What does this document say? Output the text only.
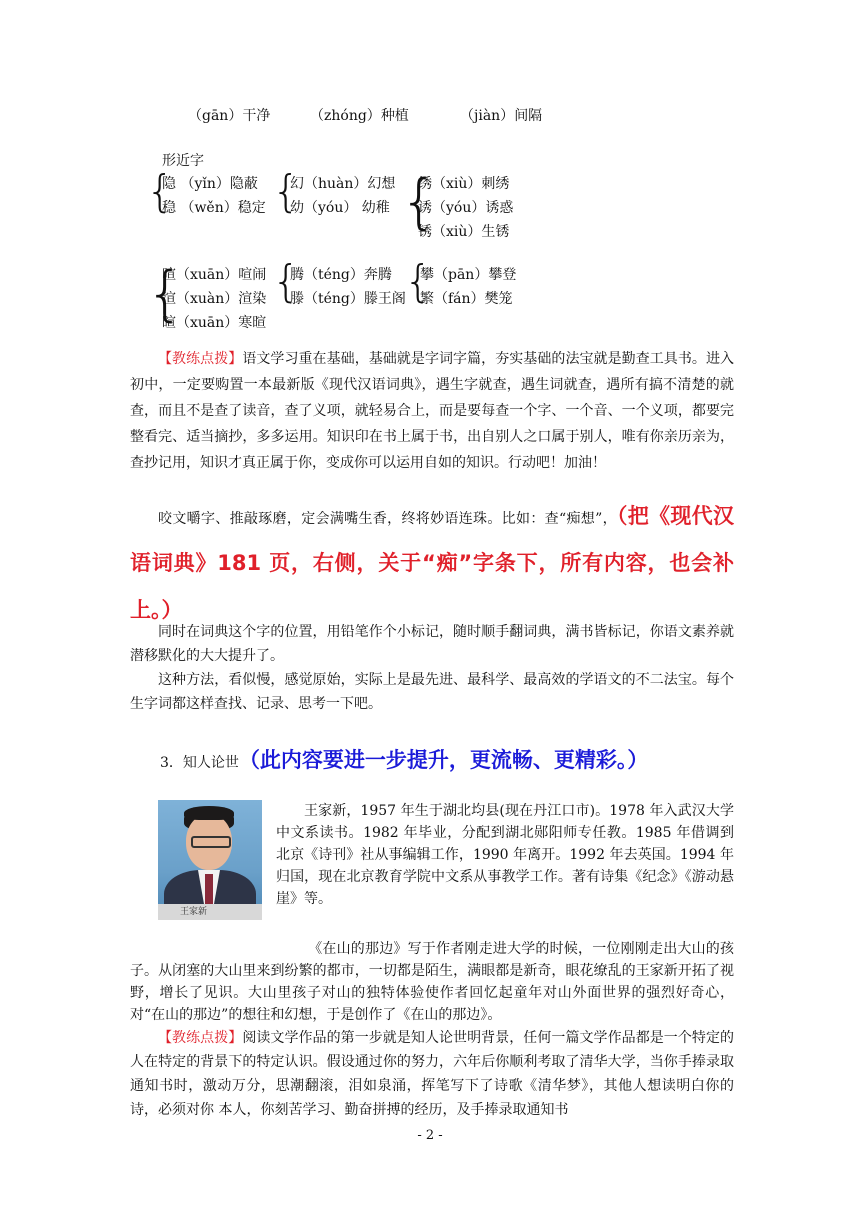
（gān）干净	（zhóng）种植	（jiàn）间隔
形近字
{
隐 （yǐn）隐蔽
稳 （wěn）稳定 {
幻（huàn）幻想
幼（yóu） 幼稚 {
绣（xiù）刺绣
诱（yóu）诱惑
锈（xiù）生锈
{
喧（xuān）喧闹
渲（xuàn）渲染
暄（xuān）寒暄
{
腾（téng）奔腾
滕（téng）滕王阁
{
攀（pān）攀登
繁（fán）樊笼
【教练点拨】语文学习重在基础，基础就是字词字篇，夯实基础的法宝就是勤查工具书。进入初中，一定要购置一本最新版《现代汉语词典》，遇生字就查，遇生词就查，遇所有搞不清楚的就查，而且不是查了读音，查了义项，就轻易合上，而是要每查一个字、一个音、一个义项，都要完整看完、适当摘抄，多多运用。知识印在书上属于书，出自别人之口属于别人，唯有你亲历亲为，查抄记用，知识才真正属于你，变成你可以运用自如的知识。行动吧！加油！
咬文嚼字、推敲琢磨，定会满嘴生香，终将妙语连珠。比如：查“痴想”，（把《现代汉语词典》181 页，右侧，关于“痴”字条下，所有内容，也会补上。）
同时在词典这个字的位置，用铅笔作个小标记，随时顺手翻词典，满书皆标记，你语文素养就潜移默化的大大提升了。
这种方法，看似慢，感觉原始，实际上是最先进、最科学、最高效的学语文的不二法宝。每个生字词都这样查找、记录、思考一下吧。
3．知人论世（此内容要进一步提升，更流畅、更精彩。）
王家新
王家新，1957 年生于湖北均县(现在丹江口市)。1978 年入武汉大学中文系读书。1982 年毕业，分配到湖北郧阳师专任教。1985 年借调到北京《诗刊》社从事编辑工作，1990 年离开。1992 年去英国。1994 年归国，现在北京教育学院中文系从事教学工作。著有诗集《纪念》《游动悬崖》等。
《在山的那边》写于作者刚走进大学的时候，一位刚刚走出大山的孩子。从闭塞的大山里来到纷繁的都市，一切都是陌生，满眼都是新奇，眼花缭乱的王家新开拓了视野，增长了见识。大山里孩子对山的独特体验使作者回忆起童年对山外面世界的强烈好奇心，对“在山的那边”的想往和幻想，于是创作了《在山的那边》。
【教练点拨】阅读文学作品的第一步就是知人论世明背景，任何一篇文学作品都是一个特定的人在特定的背景下的特定认识。假设通过你的努力，六年后你顺利考取了清华大学，当你手捧录取通知书时，激动万分，思潮翻滚，泪如泉涌，挥笔写下了诗歌《清华梦》，其他人想读明白你的诗，必须对你 本人，你刻苦学习、勤奋拼搏的经历，及手捧录取通知书
- 2 -
